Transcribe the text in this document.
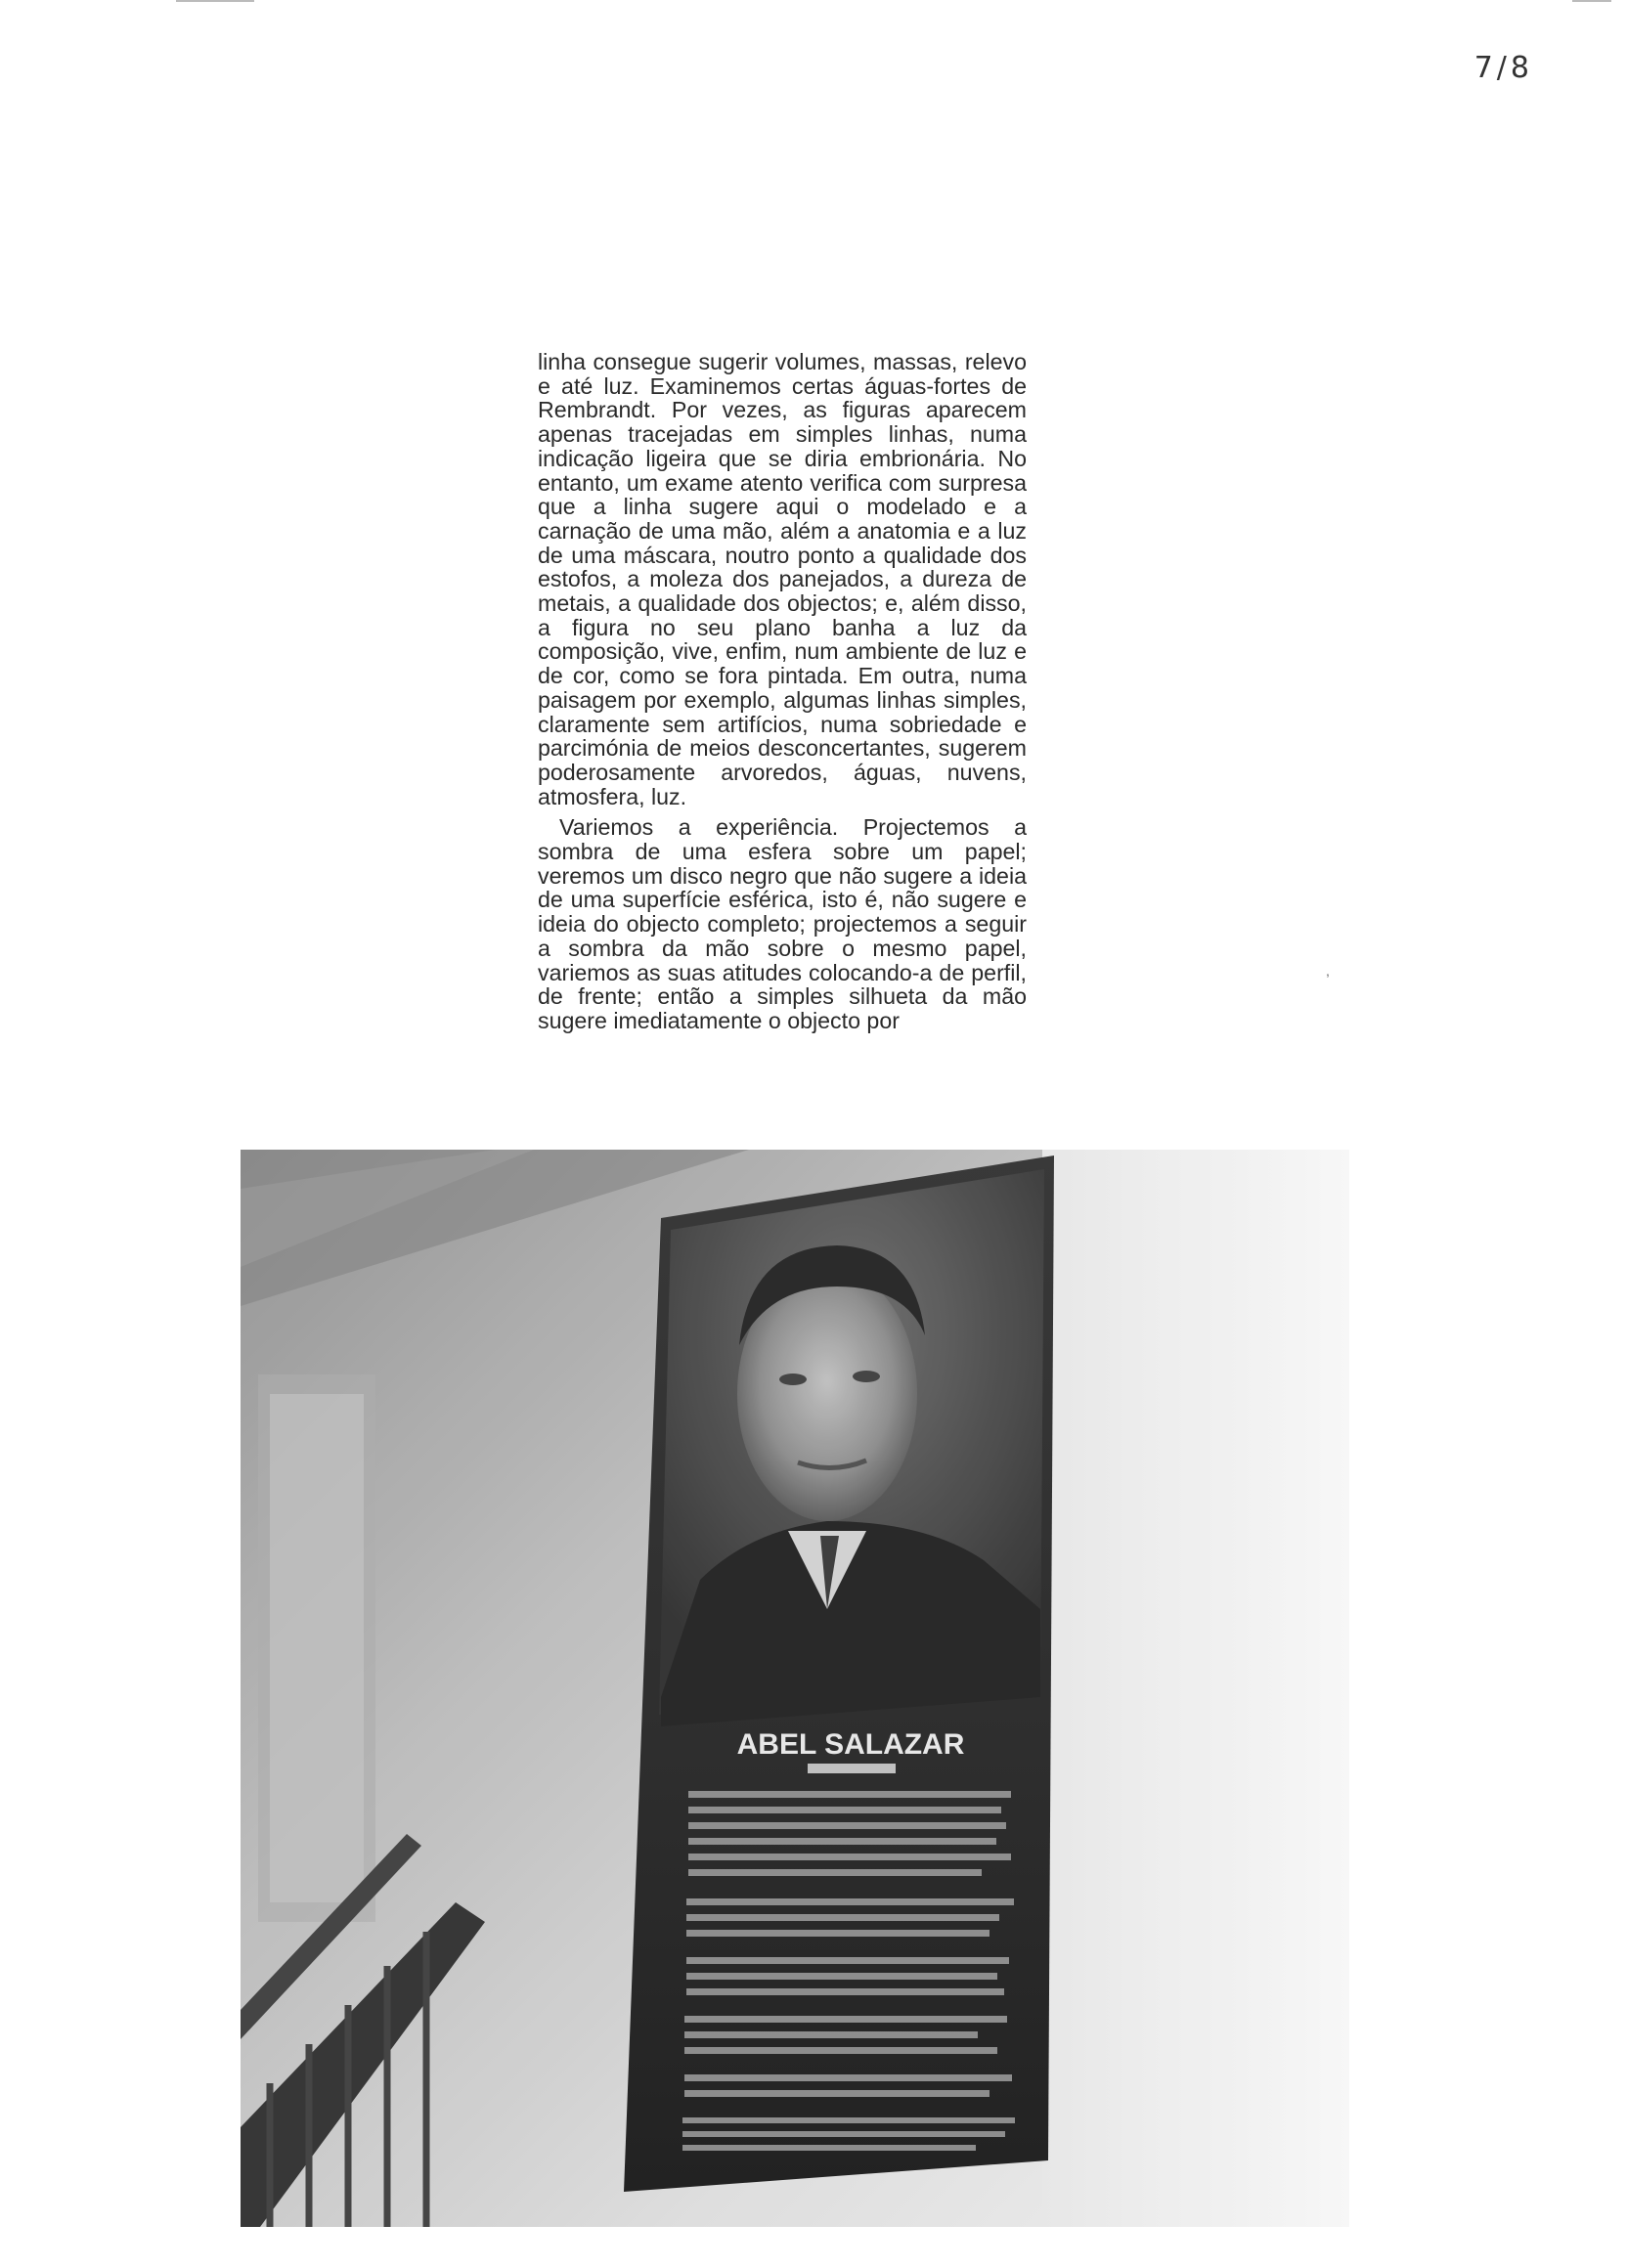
7/8

linha consegue sugerir volumes, massas, relevo e até luz. Examinemos certas águas-fortes de Rembrandt. Por vezes, as figuras aparecem apenas tracejadas em simples linhas, numa indicação ligeira que se diria embrionária. No entanto, um exame atento verifica com surpresa que a linha sugere aqui o modelado e a carnação de uma mão, além a anatomia e a luz de uma máscara, noutro ponto a qualidade dos estofos, a moleza dos panejados, a dureza de metais, a qualidade dos objectos; e, além disso, a figura no seu plano banha a luz da composição, vive, enfim, num ambiente de luz e de cor, como se fora pintada. Em outra, numa paisagem por exemplo, algumas linhas simples, claramente sem artifícios, numa sobriedade e parcimónia de meios desconcertantes, sugerem poderosamente arvoredos, águas, nuvens, atmosfera, luz.

Variemos a experiência. Projectemos a sombra de uma esfera sobre um papel; veremos um disco negro que não sugere a ideia de uma superfície esférica, isto é, não sugere e ideia do objecto completo; projectemos a seguir a sombra da mão sobre o mesmo papel, variemos as suas atitudes colocando-a de perfil, de frente; então a simples silhueta da mão sugere imediatamente o objecto por

,
ABEL SALAZAR
